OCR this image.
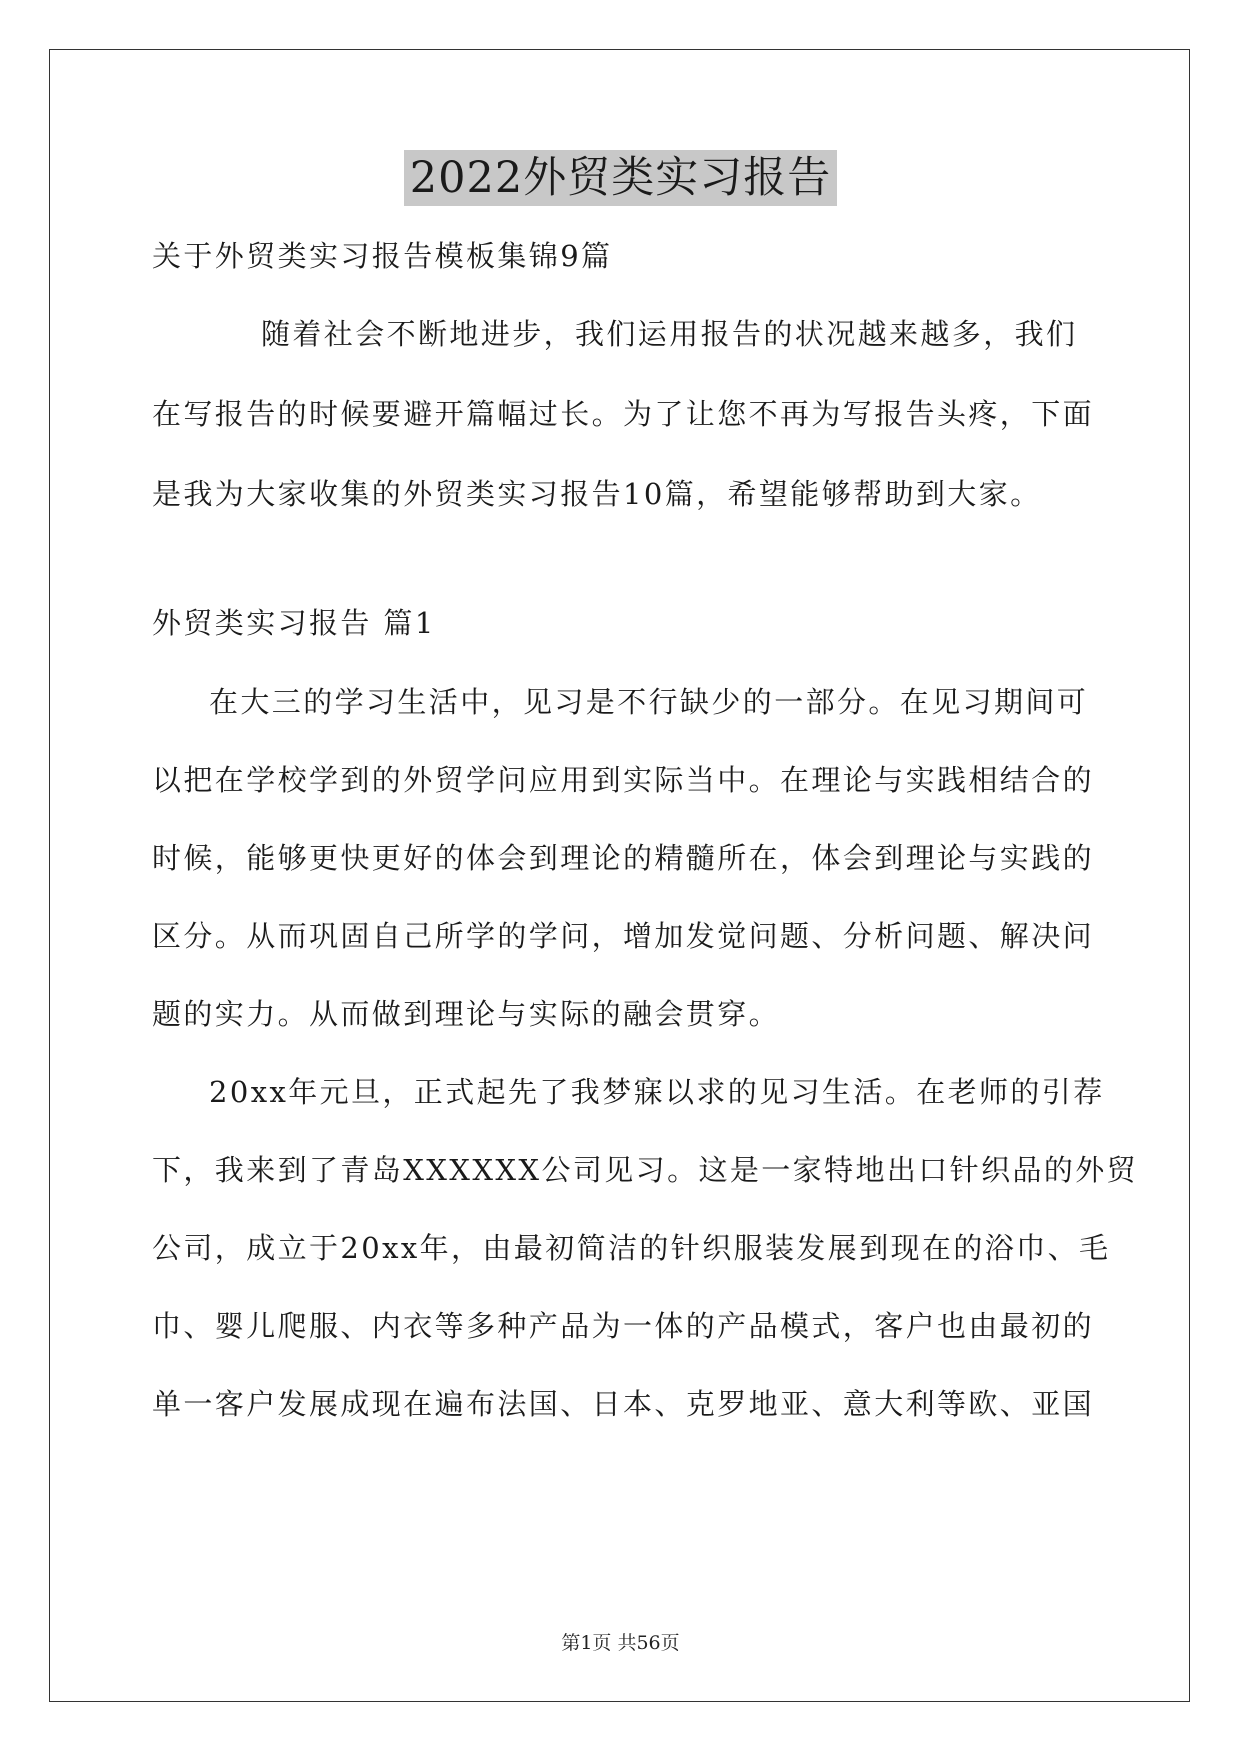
2022外贸类实习报告
关于外贸类实习报告模板集锦9篇
随着社会不断地进步，我们运用报告的状况越来越多，我们
在写报告的时候要避开篇幅过长。为了让您不再为写报告头疼，下面
是我为大家收集的外贸类实习报告10篇，希望能够帮助到大家。
外贸类实习报告 篇1
在大三的学习生活中，见习是不行缺少的一部分。在见习期间可
以把在学校学到的外贸学问应用到实际当中。在理论与实践相结合的
时候，能够更快更好的体会到理论的精髓所在，体会到理论与实践的
区分。从而巩固自己所学的学问，增加发觉问题、分析问题、解决问
题的实力。从而做到理论与实际的融会贯穿。
20xx年元旦，正式起先了我梦寐以求的见习生活。在老师的引荐
下，我来到了青岛XXXXXX公司见习。这是一家特地出口针织品的外贸
公司，成立于20xx年，由最初简洁的针织服装发展到现在的浴巾、毛
巾、婴儿爬服、内衣等多种产品为一体的产品模式，客户也由最初的
单一客户发展成现在遍布法国、日本、克罗地亚、意大利等欧、亚国
第1页 共56页
